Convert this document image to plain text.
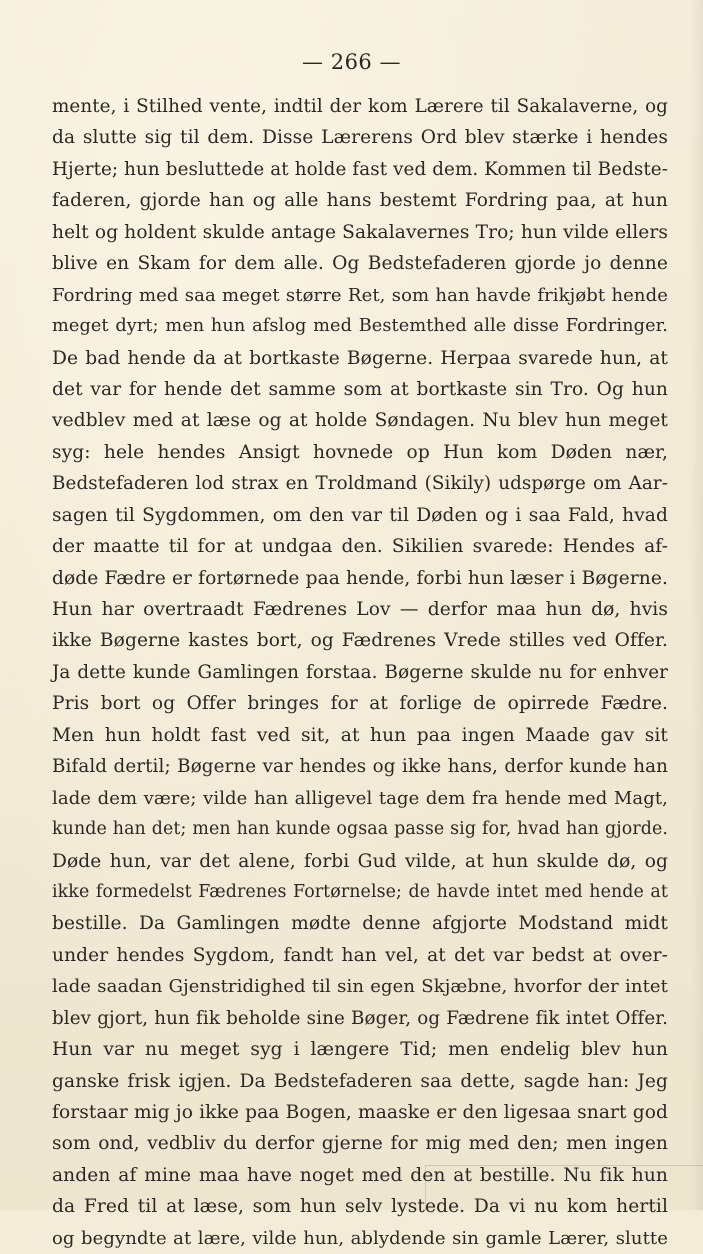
— 266 —
mente, i Stilhed vente, indtil der kom Lærere til Sakalaverne, og
da slutte sig til dem. Disse Lærerens Ord blev stærke i hendes
Hjerte; hun besluttede at holde fast ved dem. Kommen til Bedste-
faderen, gjorde han og alle hans bestemt Fordring paa, at hun
helt og holdent skulde antage Sakalavernes Tro; hun vilde ellers
blive en Skam for dem alle. Og Bedstefaderen gjorde jo denne
Fordring med saa meget større Ret, som han havde frikjøbt hende
meget dyrt; men hun afslog med Bestemthed alle disse Fordringer.
De bad hende da at bortkaste Bøgerne. Herpaa svarede hun, at
det var for hende det samme som at bortkaste sin Tro. Og hun
vedblev med at læse og at holde Søndagen. Nu blev hun meget
syg: hele hendes Ansigt hovnede op Hun kom Døden nær,
Bedstefaderen lod strax en Troldmand (Sikily) udspørge om Aar-
sagen til Sygdommen, om den var til Døden og i saa Fald, hvad
der maatte til for at undgaa den. Sikilien svarede: Hendes af-
døde Fædre er fortørnede paa hende, forbi hun læser i Bøgerne.
Hun har overtraadt Fædrenes Lov — derfor maa hun dø, hvis
ikke Bøgerne kastes bort, og Fædrenes Vrede stilles ved Offer.
Ja dette kunde Gamlingen forstaa. Bøgerne skulde nu for enhver
Pris bort og Offer bringes for at forlige de opirrede Fædre.
Men hun holdt fast ved sit, at hun paa ingen Maade gav sit
Bifald dertil; Bøgerne var hendes og ikke hans, derfor kunde han
lade dem være; vilde han alligevel tage dem fra hende med Magt,
kunde han det; men han kunde ogsaa passe sig for, hvad han gjorde.
Døde hun, var det alene, forbi Gud vilde, at hun skulde dø, og
ikke formedelst Fædrenes Fortørnelse; de havde intet med hende at
bestille. Da Gamlingen mødte denne afgjorte Modstand midt
under hendes Sygdom, fandt han vel, at det var bedst at over-
lade saadan Gjenstridighed til sin egen Skjæbne, hvorfor der intet
blev gjort, hun fik beholde sine Bøger, og Fædrene fik intet Offer.
Hun var nu meget syg i længere Tid; men endelig blev hun
ganske frisk igjen. Da Bedstefaderen saa dette, sagde han: Jeg
forstaar mig jo ikke paa Bogen, maaske er den ligesaa snart god
som ond, vedbliv du derfor gjerne for mig med den; men ingen
anden af mine maa have noget med den at bestille. Nu fik hun
da Fred til at læse, som hun selv lystede. Da vi nu kom hertil
og begyndte at lære, vilde hun, ablydende sin gamle Lærer, slutte
